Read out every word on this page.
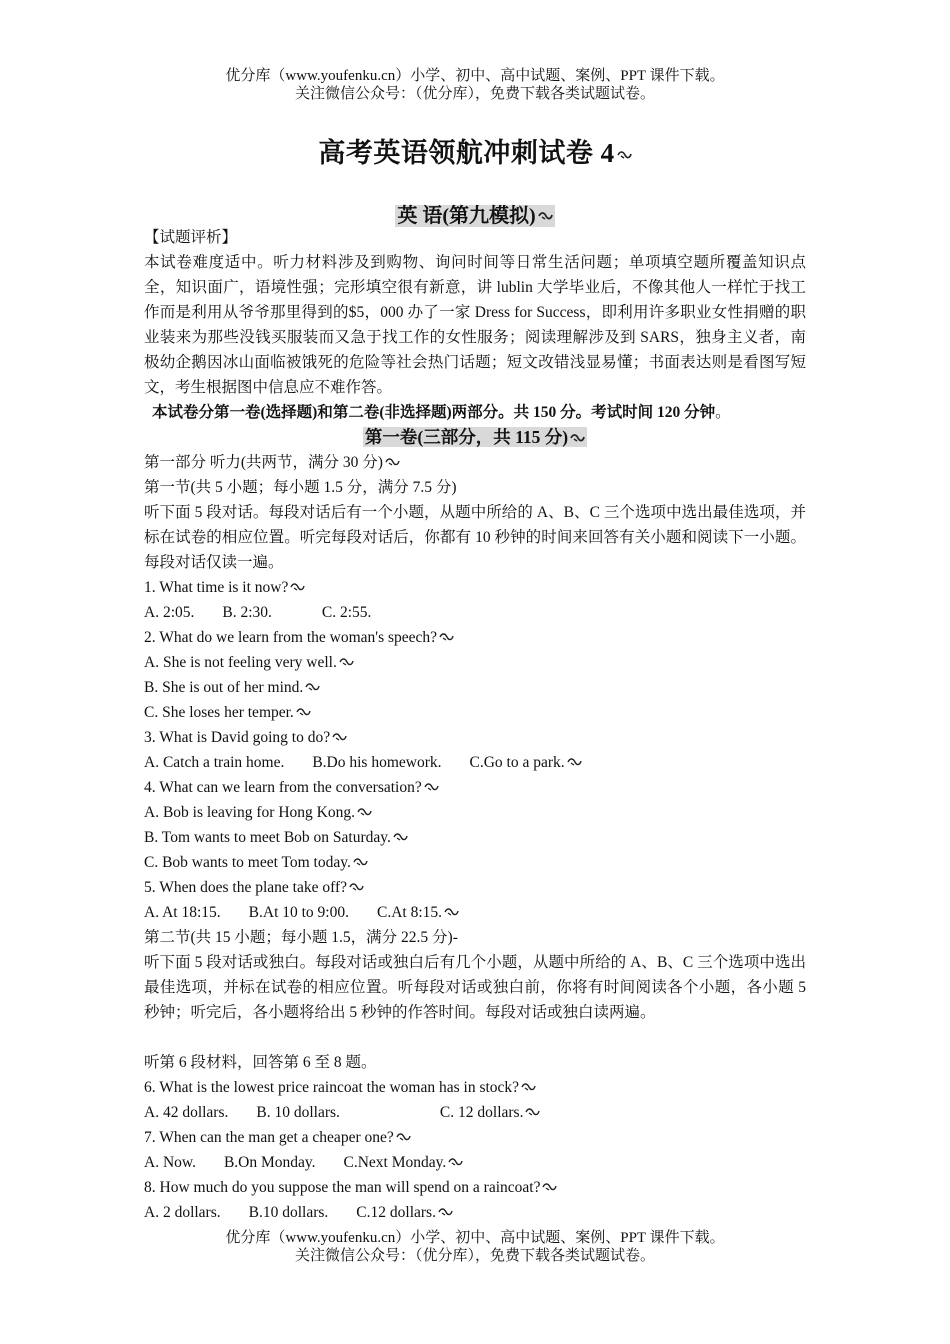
优分库（www.youfenku.cn）小学、初中、高中试题、案例、PPT 课件下载。
关注微信公众号：（优分库），免费下载各类试题试卷。
高考英语领航冲刺试卷 4
英 语(第九模拟)

【试题评析】

本试卷难度适中。听力材料涉及到购物、询问时间等日常生活问题；单项填空题所覆盖知识点全，知识面广，语境性强；完形填空很有新意，讲 lublin 大学毕业后，不像其他人一样忙于找工作而是利用从爷爷那里得到的$5，000 办了一家 Dress for Success，即利用许多职业女性捐赠的职业装来为那些没钱买服装而又急于找工作的女性服务；阅读理解涉及到 SARS，独身主义者，南极幼企鹅因冰山面临被饿死的危险等社会热门话题；短文改错浅显易懂；书面表达则是看图写短文，考生根据图中信息应不难作答。

本试卷分第一卷(选择题)和第二卷(非选择题)两部分。共 150 分。考试时间 120 分钟。

第一卷(三部分，共 115 分)

第一部分 听力(共两节，满分 30 分)

第一节(共 5 小题；每小题 1.5 分，满分 7.5 分)

听下面 5 段对话。每段对话后有一个小题，从题中所给的 A、B、C 三个选项中选出最佳选项，并标在试卷的相应位置。听完每段对话后，你都有 10 秒钟的时间来回答有关小题和阅读下一小题。每段对话仅读一遍。

1. What time is it now?

A. 2:05. B. 2:30.	C. 2:55.

2. What do we learn from the woman's speech?

A. She is not feeling very well.

B. She is out of her mind.

C. She loses her temper.

3. What is David going to do?

A. Catch a train home. B.Do his homework. C.Go to a park.

4. What can we learn from the conversation?

A. Bob is leaving for Hong Kong.

B. Tom wants to meet Bob on Saturday.

C. Bob wants to meet Tom today.

5. When does the plane take off?

A. At 18:15. B.At 10 to 9:00. C.At 8:15.

第二节(共 15 小题；每小题 1.5，满分 22.5 分)-

听下面 5 段对话或独白。每段对话或独白后有几个小题，从题中所给的 A、B、C 三个选项中选出最佳选项，并标在试卷的相应位置。听每段对话或独白前，你将有时间阅读各个小题，各小题 5 秒钟；听完后，各小题将给出 5 秒钟的作答时间。每段对话或独白读两遍。

听第 6 段材料，回答第 6 至 8 题。

6. What is the lowest price raincoat the woman has in stock?

A. 42 dollars. B. 10 dollars.	C. 12 dollars.

7. When can the man get a cheaper one?

A. Now. B.On Monday. C.Next Monday.

8. How much do you suppose the man will spend on a raincoat?

A. 2 dollars. B.10 dollars. C.12 dollars.

优分库（www.youfenku.cn）小学、初中、高中试题、案例、PPT 课件下载。
关注微信公众号：（优分库），免费下载各类试题试卷。
